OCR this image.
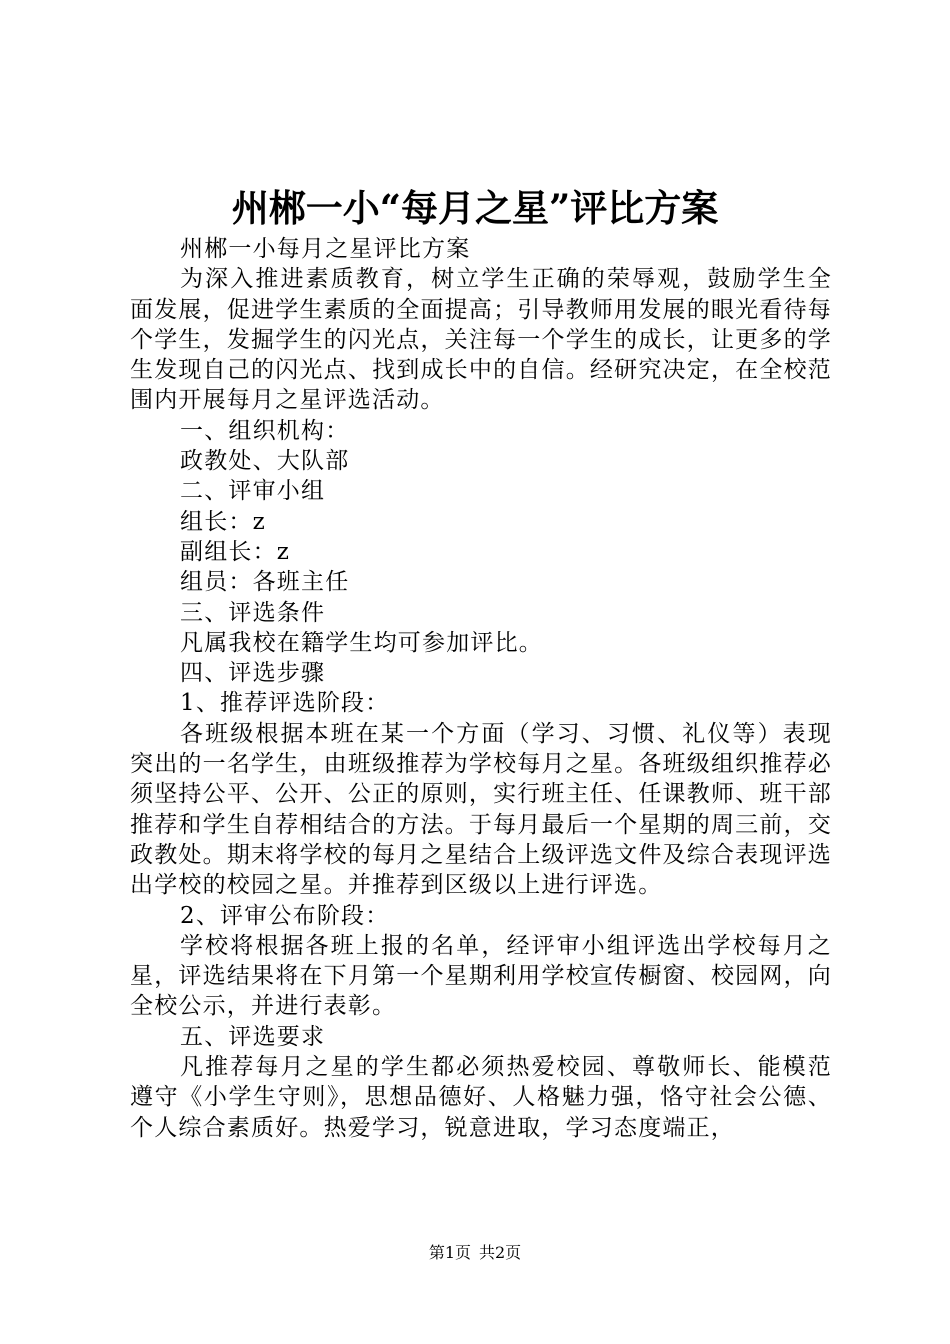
州郴一小“每月之星”评比方案

州郴一小每月之星评比方案

为深入推进素质教育，树立学生正确的荣辱观，鼓励学生全面发展，促进学生素质的全面提高；引导教师用发展的眼光看待每个学生，发掘学生的闪光点，关注每一个学生的成长，让更多的学生发现自己的闪光点、找到成长中的自信。经研究决定，在全校范围内开展每月之星评选活动。

一、组织机构：

政教处、大队部

二、评审小组

组长：z

副组长：z

组员：各班主任

三、评选条件

凡属我校在籍学生均可参加评比。

四、评选步骤

1、推荐评选阶段：

各班级根据本班在某一个方面（学习、习惯、礼仪等）表现突出的一名学生，由班级推荐为学校每月之星。各班级组织推荐必须坚持公平、公开、公正的原则，实行班主任、任课教师、班干部推荐和学生自荐相结合的方法。于每月最后一个星期的周三前，交政教处。期末将学校的每月之星结合上级评选文件及综合表现评选出学校的校园之星。并推荐到区级以上进行评选。

2、评审公布阶段：

学校将根据各班上报的名单，经评审小组评选出学校每月之星，评选结果将在下月第一个星期利用学校宣传橱窗、校园网，向全校公示，并进行表彰。

五、评选要求

凡推荐每月之星的学生都必须热爱校园、尊敬师长、能模范遵守《小学生守则》，思想品德好、人格魅力强，恪守社会公德、个人综合素质好。热爱学习，锐意进取，学习态度端正，

第1页 共2页
